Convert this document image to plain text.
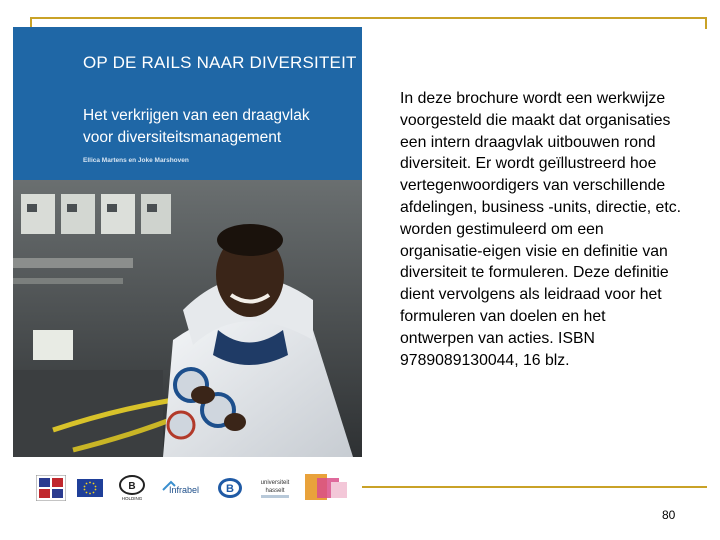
OP DE RAILS NAAR DIVERSITEIT
Het verkrijgen van een draagvlak
voor diversiteitsmanagement
Ellica Martens en Joke Marshoven
In deze brochure wordt een werkwijze voorgesteld die maakt dat organisaties een intern draagvlak uitbouwen rond diversiteit. Er wordt geïllustreerd hoe vertegenwoordigers van verschillende afdelingen, business -units, directie, etc. worden gestimuleerd om een organisatie-eigen visie en definitie van diversiteit te formuleren. Deze definitie dient vervolgens als leidraad voor het formuleren van doelen en het ontwerpen van acties. ISBN 9789089130044, 16 blz.
B
HOLDING
Infrabel B	universiteit
hasselt
80
